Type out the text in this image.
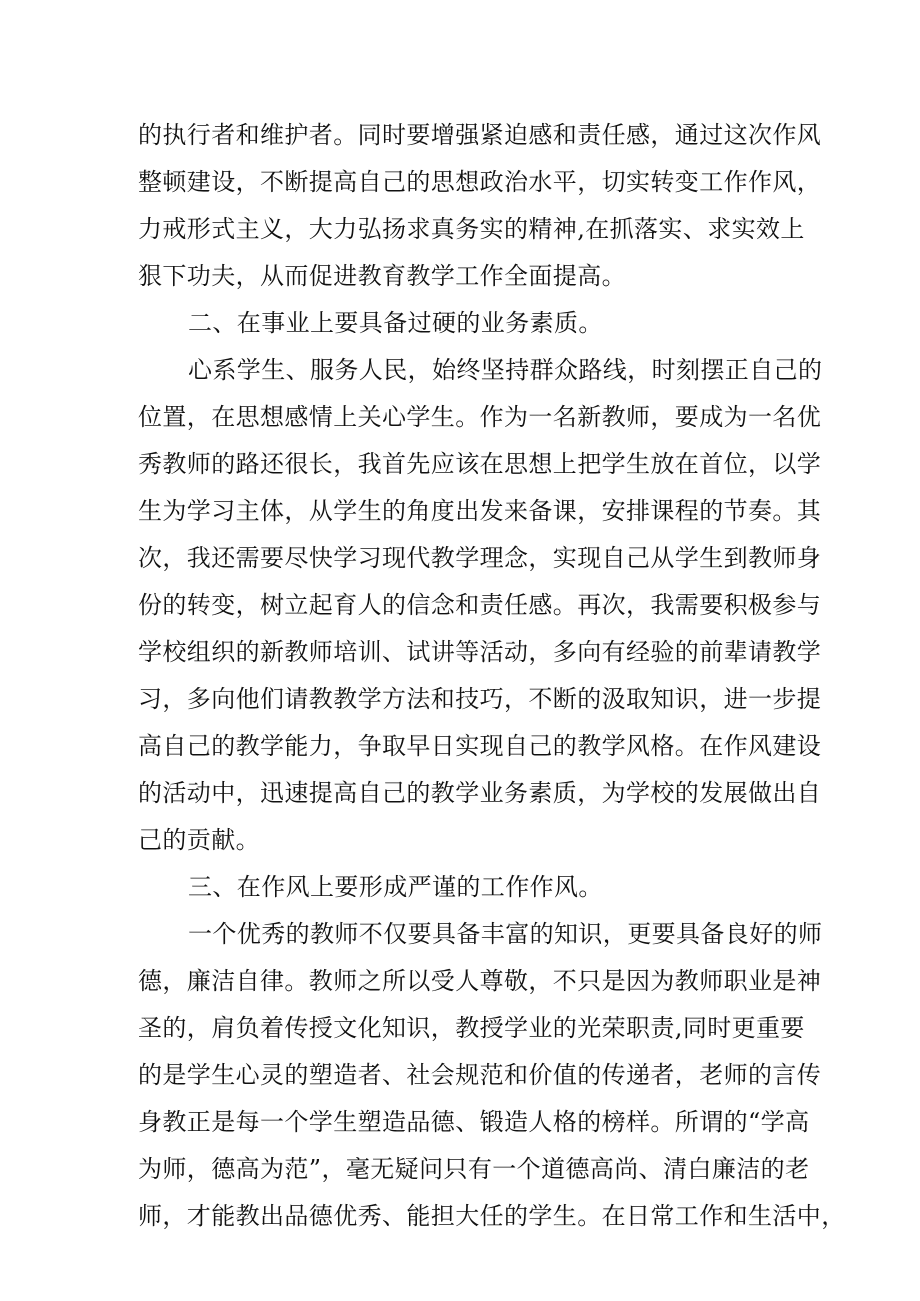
的执行者和维护者。同时要增强紧迫感和责任感，通过这次作风
整顿建设，不断提高自己的思想政治水平，切实转变工作作风，
力戒形式主义，大力弘扬求真务实的精神,在抓落实、求实效上
狠下功夫，从而促进教育教学工作全面提高。
二、在事业上要具备过硬的业务素质。
心系学生、服务人民，始终坚持群众路线，时刻摆正自己的
位置，在思想感情上关心学生。作为一名新教师，要成为一名优
秀教师的路还很长，我首先应该在思想上把学生放在首位，以学
生为学习主体，从学生的角度出发来备课，安排课程的节奏。其
次，我还需要尽快学习现代教学理念，实现自己从学生到教师身
份的转变，树立起育人的信念和责任感。再次，我需要积极参与
学校组织的新教师培训、试讲等活动，多向有经验的前辈请教学
习，多向他们请教教学方法和技巧，不断的汲取知识，进一步提
高自己的教学能力，争取早日实现自己的教学风格。在作风建设
的活动中，迅速提高自己的教学业务素质，为学校的发展做出自
己的贡献。
三、在作风上要形成严谨的工作作风。
一个优秀的教师不仅要具备丰富的知识，更要具备良好的师
德，廉洁自律。教师之所以受人尊敬，不只是因为教师职业是神
圣的，肩负着传授文化知识，教授学业的光荣职责,同时更重要
的是学生心灵的塑造者、社会规范和价值的传递者，老师的言传
身教正是每一个学生塑造品德、锻造人格的榜样。所谓的“学高
为师，德高为范”，毫无疑问只有一个道德高尚、清白廉洁的老
师，才能教出品德优秀、能担大任的学生。在日常工作和生活中，
